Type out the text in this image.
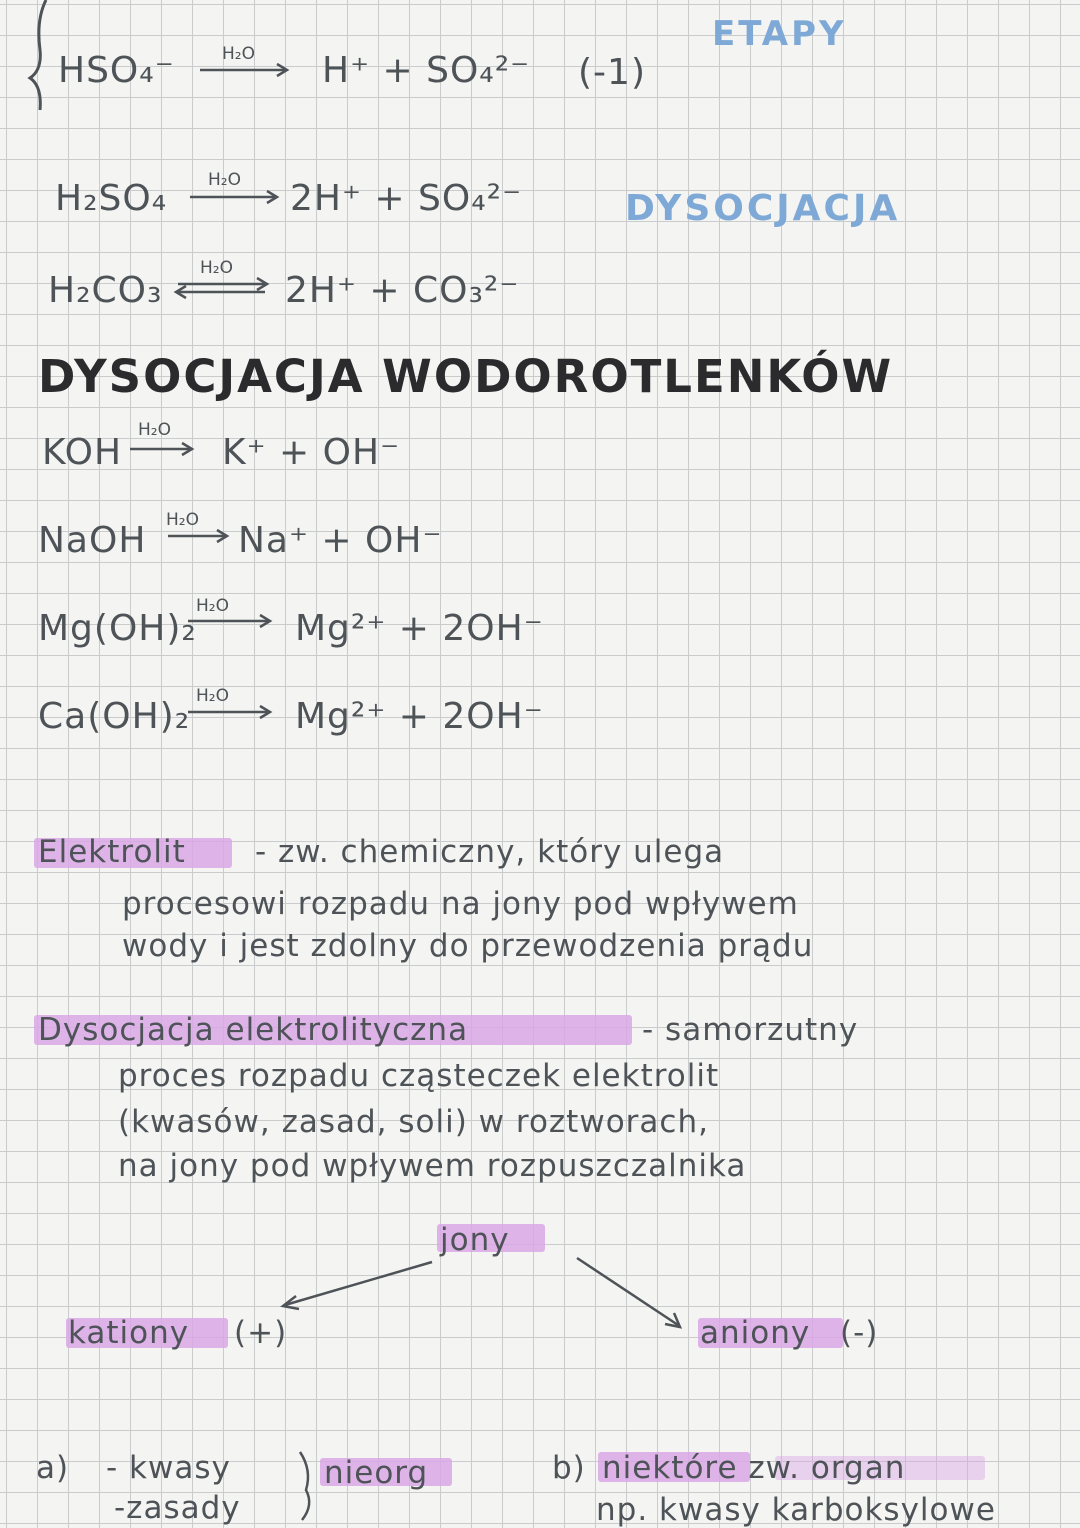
ETAPY
(-1)
DYSOCJACJA
HSO₄⁻	H₂O H⁺ + SO₄²⁻
H₂SO₄ H₂O 2H⁺ + SO₄²⁻
H₂CO₃
H₂O
2H⁺ + CO₃²⁻
DYSOCJACJA WODOROTLENKÓW
KOH
H₂O
K⁺ + OH⁻
NaOH H₂O Na⁺ + OH⁻
Mg(OH)₂
H₂O
Mg²⁺ + 2OH⁻
Ca(OH)₂ H₂O Mg²⁺ + 2OH⁻
Elektrolit - zw. chemiczny, który ulega
procesowi rozpadu na jony pod wpływem
wody i jest zdolny do przewodzenia prądu
Dysocjacja elektrolityczna	- samorzutny
proces rozpadu cząsteczek elektrolit
(kwasów, zasad, soli) w roztworach,
na jony pod wpływem rozpuszczalnika
jony
kationy (+)	aniony (-)
a) - kwasy
-zasady
nieorg	b) niektóre zw. organ
np. kwasy karboksylowe
